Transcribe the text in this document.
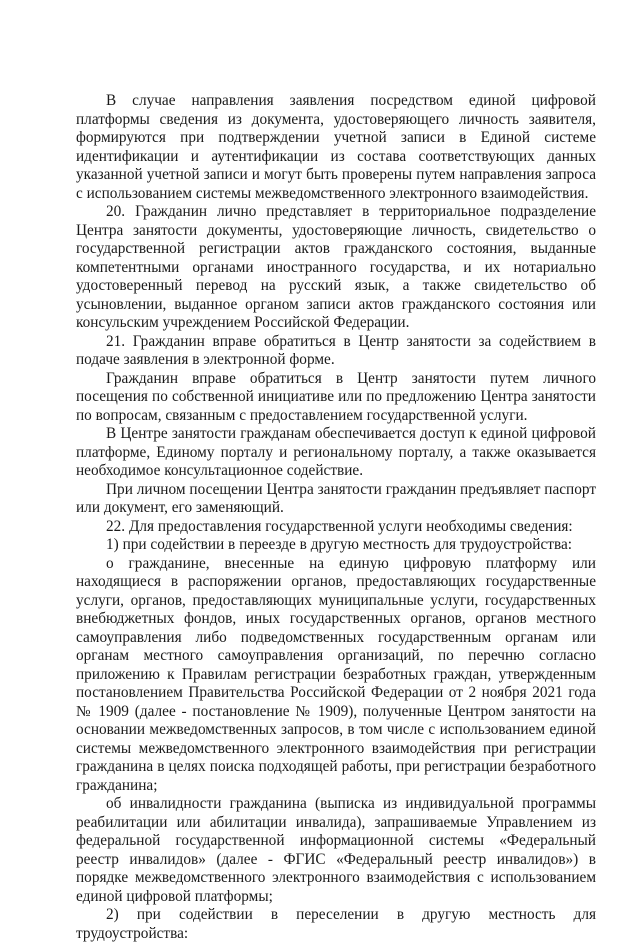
В случае направления заявления посредством единой цифровой платформы сведения из документа, удостоверяющего личность заявителя, формируются при подтверждении учетной записи в Единой системе идентификации и аутентификации из состава соответствующих данных указанной учетной записи и могут быть проверены путем направления запроса с использованием системы межведомственного электронного взаимодействия.

20. Гражданин лично представляет в территориальное подразделение Центра занятости документы, удостоверяющие личность, свидетельство о государственной регистрации актов гражданского состояния, выданные компетентными органами иностранного государства, и их нотариально удостоверенный перевод на русский язык, а также свидетельство об усыновлении, выданное органом записи актов гражданского состояния или консульским учреждением Российской Федерации.

21. Гражданин вправе обратиться в Центр занятости за содействием в подаче заявления в электронной форме.

Гражданин вправе обратиться в Центр занятости путем личного посещения по собственной инициативе или по предложению Центра занятости по вопросам, связанным с предоставлением государственной услуги.

В Центре занятости гражданам обеспечивается доступ к единой цифровой платформе, Единому порталу и региональному порталу, а также оказывается необходимое консультационное содействие.

При личном посещении Центра занятости гражданин предъявляет паспорт или документ, его заменяющий.

22. Для предоставления государственной услуги необходимы сведения:

1) при содействии в переезде в другую местность для трудоустройства:

о гражданине, внесенные на единую цифровую платформу или находящиеся в распоряжении органов, предоставляющих государственные услуги, органов, предоставляющих муниципальные услуги, государственных внебюджетных фондов, иных государственных органов, органов местного самоуправления либо подведомственных государственным органам или органам местного самоуправления организаций, по перечню согласно приложению к Правилам регистрации безработных граждан, утвержденным постановлением Правительства Российской Федерации от 2 ноября 2021 года № 1909 (далее - постановление № 1909), полученные Центром занятости на основании межведомственных запросов, в том числе с использованием единой системы межведомственного электронного взаимодействия при регистрации гражданина в целях поиска подходящей работы, при регистрации безработного гражданина;

об инвалидности гражданина (выписка из индивидуальной программы реабилитации или абилитации инвалида), запрашиваемые Управлением из федеральной государственной информационной системы «Федеральный реестр инвалидов» (далее - ФГИС «Федеральный реестр инвалидов») в порядке межведомственного электронного взаимодействия с использованием единой цифровой платформы;

2) при содействии в переселении в другую местность для трудоустройства:
